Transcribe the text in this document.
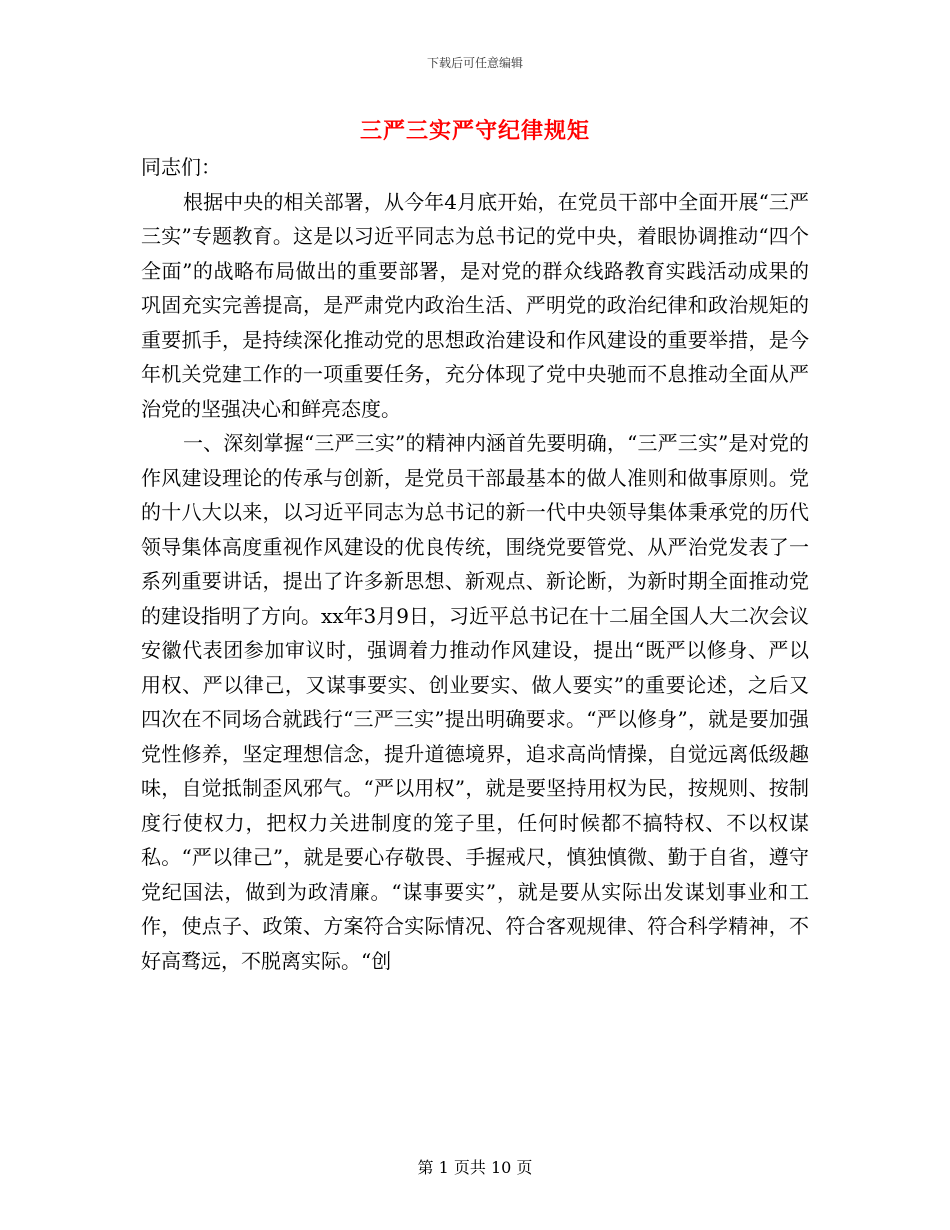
下载后可任意编辑
三严三实严守纪律规矩

同志们：

根据中央的相关部署，从今年4月底开始，在党员干部中全面开展“三严三实”专题教育。这是以习近平同志为总书记的党中央，着眼协调推动“四个全面”的战略布局做出的重要部署，是对党的群众线路教育实践活动成果的巩固充实完善提高，是严肃党内政治生活、严明党的政治纪律和政治规矩的重要抓手，是持续深化推动党的思想政治建设和作风建设的重要举措，是今年机关党建工作的一项重要任务，充分体现了党中央驰而不息推动全面从严治党的坚强决心和鲜亮态度。

一、深刻掌握“三严三实”的精神内涵首先要明确，“三严三实”是对党的作风建设理论的传承与创新，是党员干部最基本的做人准则和做事原则。党的十八大以来，以习近平同志为总书记的新一代中央领导集体秉承党的历代领导集体高度重视作风建设的优良传统，围绕党要管党、从严治党发表了一系列重要讲话，提出了许多新思想、新观点、新论断，为新时期全面推动党的建设指明了方向。xx年3月9日，习近平总书记在十二届全国人大二次会议安徽代表团参加审议时，强调着力推动作风建设，提出“既严以修身、严以用权、严以律己，又谋事要实、创业要实、做人要实”的重要论述，之后又四次在不同场合就践行“三严三实”提出明确要求。“严以修身”，就是要加强党性修养，坚定理想信念，提升道德境界，追求高尚情操，自觉远离低级趣味，自觉抵制歪风邪气。“严以用权”，就是要坚持用权为民，按规则、按制度行使权力，把权力关进制度的笼子里，任何时候都不搞特权、不以权谋私。“严以律己”，就是要心存敬畏、手握戒尺，慎独慎微、勤于自省，遵守党纪国法，做到为政清廉。“谋事要实”，就是要从实际出发谋划事业和工作，使点子、政策、方案符合实际情况、符合客观规律、符合科学精神，不好高骛远，不脱离实际。“创

第 1 页共 10 页
